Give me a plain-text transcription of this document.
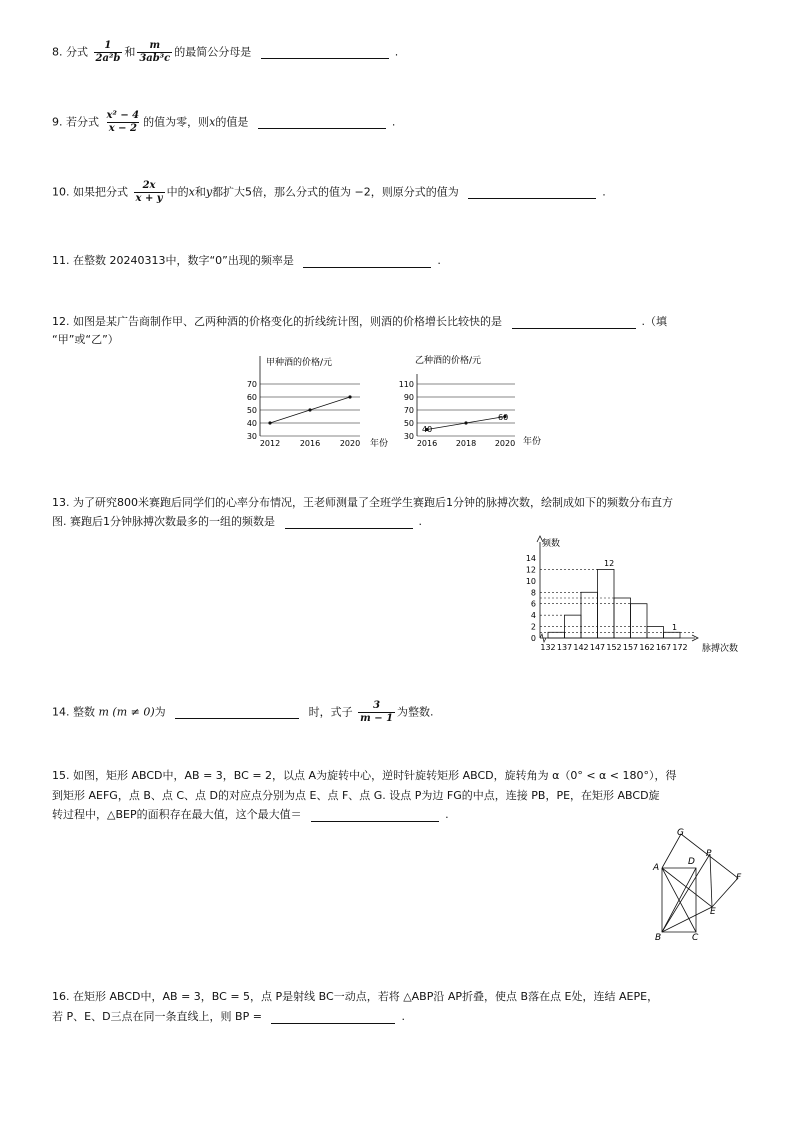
8. 分式 $\frac{1}{\text{2a²b}}$ 和 $\frac{m}{\text{3ab³c}}$ 的最简公分母是	.
9. 若分式 $\frac{\text{x² − 4}}{x - 2}$ 的值为零，则x的值是	.
10. 如果把分式 $\frac{2x}{x + y}$ 中的x和y都扩大5倍，那么分式的值为 −2，则原分式的值为	.
11. 在整数 20240313中，数字“0”出现的频率是	.
12. 如图是某广告商制作甲、乙两种酒的价格变化的折线统计图，则酒的价格增长比较快的是	.（填
“甲”或“乙”）
甲种酒的价格/元
70
60
50
40
30
2012 2016 2020 年份
乙种酒的价格/元
110
90
70
50
30
2016 2018 2020
40
60
年份
13. 为了研究800米赛跑后同学们的心率分布情况，王老师测量了全班学生赛跑后1分钟的脉搏次数，绘制成如下的频数分布直方
图. 赛跑后1分钟脉搏次数最多的一组的频数是	.
频数
14
12
10
8
6
4
2
0
132 137 142 147 152 157 162 167 172
12
1
脉搏次数
14. 整数 m (m ≠ 0)为	时，式子 $\frac{3}{m - 1}$ 为整数.
15. 如图，矩形 ABCD中，AB = 3，BC = 2，以点 A为旋转中心，逆时针旋转矩形 ABCD，旋转角为 α（0° < α < 180°），得
到矩形 AEFG，点 B、点 C、点 D的对应点分别为点 E、点 F、点 G. 设点 P为边 FG的中点，连接 PB，PE，在矩形 ABCD旋
转过程中，△BEP的面积存在最大值，这个最大值＝	.
G
A
D
P
F
E
B	C
16. 在矩形 ABCD中，AB = 3，BC = 5，点 P是射线 BC一动点，若将 △ABP沿 AP折叠，使点 B落在点 E处，连结 AEPE，
若 P、E、D三点在同一条直线上，则 BP =	.
